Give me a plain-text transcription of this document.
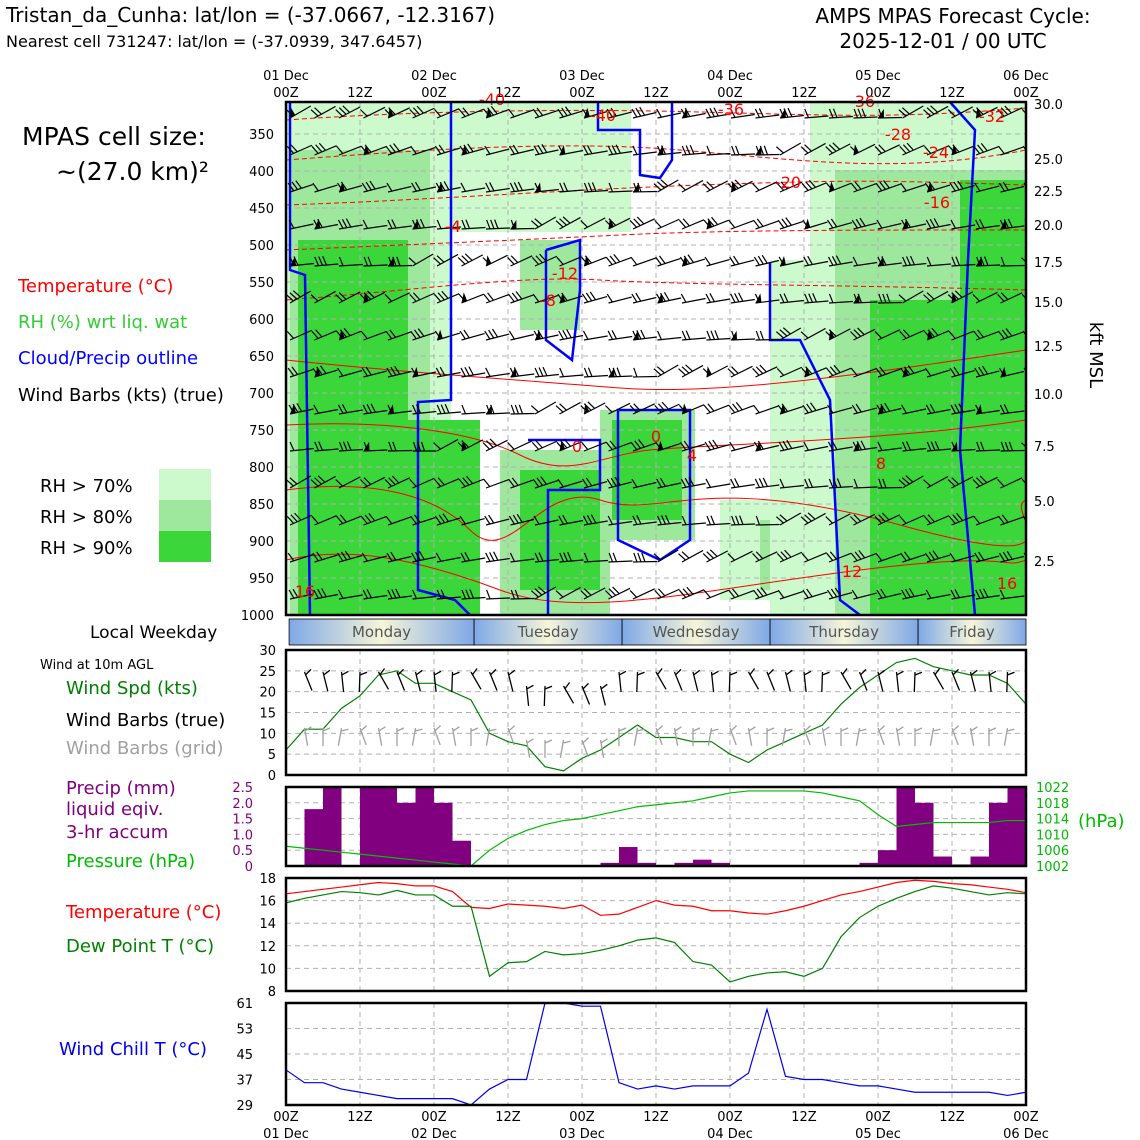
Tristan_da_Cunha: lat/lon = (-37.0667, -12.3167)
Nearest cell 731247: lat/lon = (-37.0939, 347.6457)
AMPS MPAS Forecast Cycle:
2025-12-01 / 00 UTC
MPAS cell size:
~(27.0 km)²
00Z	12Z	00Z	12Z	00Z	12Z	00Z	12Z	00Z	12Z	00Z
01 Dec	02 Dec	03 Dec	04 Dec	05 Dec	06 Dec
Temperature (°C)
RH (%) wrt liq. wat
Cloud/Precip outline
Wind Barbs (kts) (true)
RH > 70%
RH > 80%
RH > 90%
-40
-40	-36	-36
-32
-28
-24
-20
-16
-12
-8
-4
0
0	4	8
12
16	16
350
400
450
500
550
600
650
700
750
800
850
900
950
1000
30.0
25.0
22.5
20.0
17.5
15.0
12.5
10.0
7.5
5.0
2.5
kft MSL
Local Weekday	Monday	Tuesday	Wednesday	Thursday	Friday
Wind at 10m AGL
Wind Spd (kts)
Wind Barbs (true)
Wind Barbs (grid)
0
5
10
15
20
25
30
Precip (mm)
liquid eqiv.
3-hr accum
Pressure (hPa)
(hPa)
0
0.5
1.0
1.5
2.0
2.5
1002
1006
1010
1014
1018
1022
Temperature (°C)
Dew Point T (°C)
8
10
12
14
16
18
Wind Chill T (°C)
29
37
45
53
61
00Z	12Z	00Z	12Z	00Z	12Z	00Z	12Z	00Z	12Z	00Z
01 Dec	02 Dec	03 Dec	04 Dec	05 Dec	06 Dec
